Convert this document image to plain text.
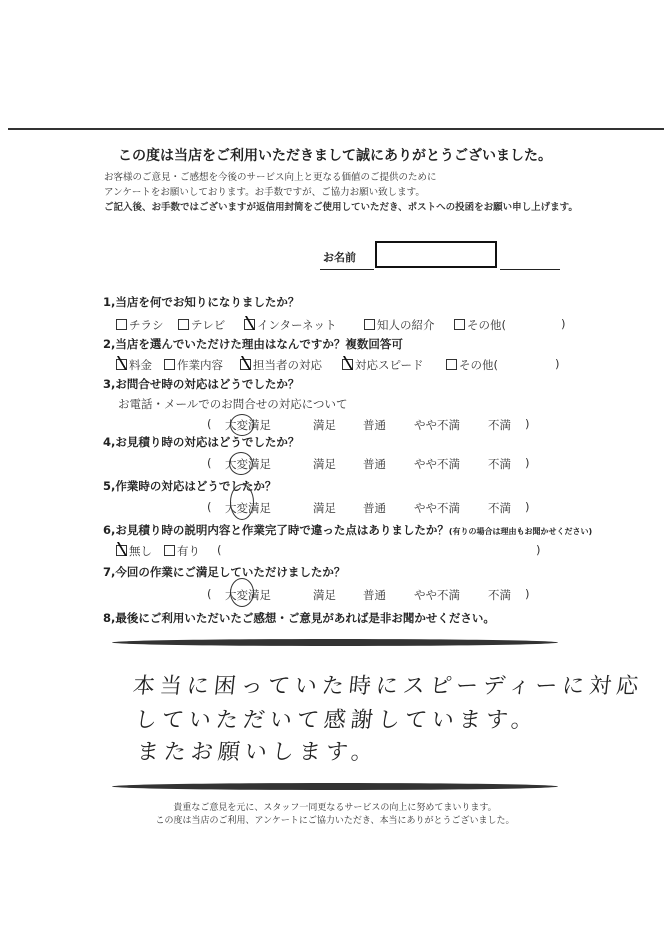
この度は当店をご利用いただきまして誠にありがとうございました。
お客様のご意見・ご感想を今後のサービス向上と更なる価値のご提供のために
アンケートをお願いしております。お手数ですが、ご協力お願い致します。
ご記入後、お手数ではございますが返信用封筒をご使用していただき、ポストへの投函をお願い申し上げます。
お名前
1,当店を何でお知りになりましたか？
チラシ	テレビ	インターネット	知人の紹介	その他(	)
2,当店を選んでいただけた理由はなんですか？複数回答可
料金	作業内容	担当者の対応	対応スピード	その他(	)
3,お問合せ時の対応はどうでしたか？
お電話・メールでのお問合せの対応について
( 大変満足	満足 普通 やや不満 不満 )
4,お見積り時の対応はどうでしたか？
( 大変満足	満足 普通 やや不満 不満 )
5,作業時の対応はどうでしたか？
( 大変満足	満足 普通 やや不満 不満 )
6,お見積り時の説明内容と作業完了時で違った点はありましたか？(有りの場合は理由もお聞かせください)
無し	有り (	)
7,今回の作業にご満足していただけましたか？
( 大変満足	満足 普通 やや不満 不満 )
8,最後にご利用いただいたご感想・ご意見があれば是非お聞かせください。
本当に困っていた時にスピーディーに対応
していただいて感謝しています。
またお願いします。
貴重なご意見を元に、スタッフ一同更なるサービスの向上に努めてまいります。
この度は当店のご利用、アンケートにご協力いただき、本当にありがとうございました。
